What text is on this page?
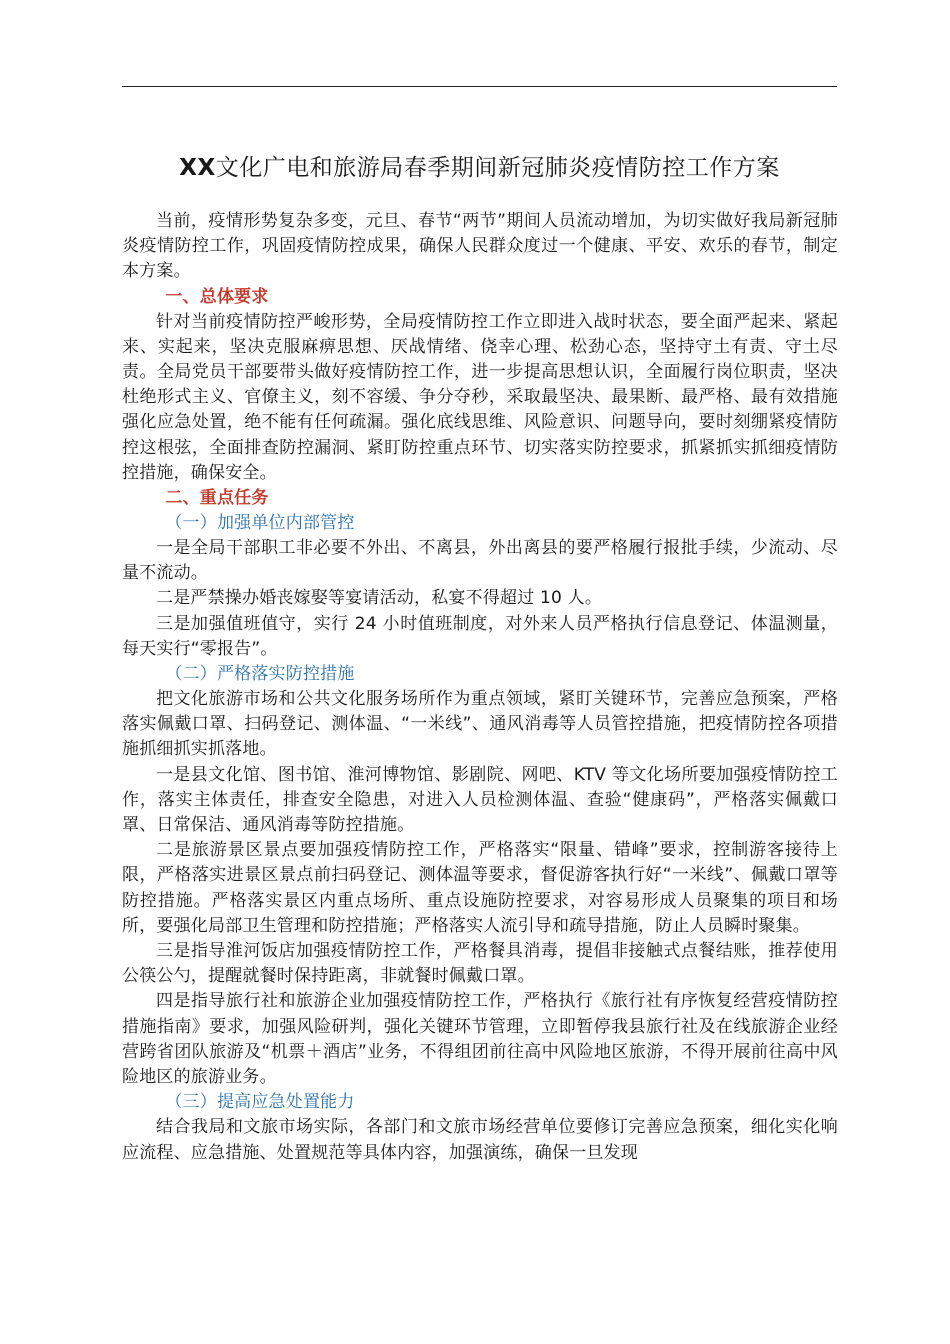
XX文化广电和旅游局春季期间新冠肺炎疫情防控工作方案

当前，疫情形势复杂多变，元旦、春节“两节”期间人员流动增加，为切实做好我局新冠肺炎疫情防控工作，巩固疫情防控成果，确保人民群众度过一个健康、平安、欢乐的春节，制定本方案。

一、总体要求

针对当前疫情防控严峻形势，全局疫情防控工作立即进入战时状态，要全面严起来、紧起来、实起来，坚决克服麻痹思想、厌战情绪、侥幸心理、松劲心态，坚持守土有责、守土尽责。全局党员干部要带头做好疫情防控工作，进一步提高思想认识，全面履行岗位职责，坚决杜绝形式主义、官僚主义，刻不容缓、争分夺秒，采取最坚决、最果断、最严格、最有效措施强化应急处置，绝不能有任何疏漏。强化底线思维、风险意识、问题导向，要时刻绷紧疫情防控这根弦，全面排查防控漏洞、紧盯防控重点环节、切实落实防控要求，抓紧抓实抓细疫情防控措施，确保安全。

二、重点任务
（一）加强单位内部管控

一是全局干部职工非必要不外出、不离县，外出离县的要严格履行报批手续，少流动、尽量不流动。

二是严禁操办婚丧嫁娶等宴请活动，私宴不得超过 10 人。

三是加强值班值守，实行 24 小时值班制度，对外来人员严格执行信息登记、体温测量，每天实行“零报告”。

（二）严格落实防控措施

把文化旅游市场和公共文化服务场所作为重点领域，紧盯关键环节，完善应急预案，严格落实佩戴口罩、扫码登记、测体温、“一米线”、通风消毒等人员管控措施，把疫情防控各项措施抓细抓实抓落地。

一是县文化馆、图书馆、淮河博物馆、影剧院、网吧、KTV 等文化场所要加强疫情防控工作，落实主体责任，排查安全隐患，对进入人员检测体温、查验“健康码”，严格落实佩戴口罩、日常保洁、通风消毒等防控措施。

二是旅游景区景点要加强疫情防控工作，严格落实“限量、错峰”要求，控制游客接待上限，严格落实进景区景点前扫码登记、测体温等要求，督促游客执行好“一米线”、佩戴口罩等防控措施。严格落实景区内重点场所、重点设施防控要求，对容易形成人员聚集的项目和场所，要强化局部卫生管理和防控措施；严格落实人流引导和疏导措施，防止人员瞬时聚集。

三是指导淮河饭店加强疫情防控工作，严格餐具消毒，提倡非接触式点餐结账，推荐使用公筷公勺，提醒就餐时保持距离，非就餐时佩戴口罩。

四是指导旅行社和旅游企业加强疫情防控工作，严格执行《旅行社有序恢复经营疫情防控措施指南》要求，加强风险研判，强化关键环节管理，立即暂停我县旅行社及在线旅游企业经营跨省团队旅游及“机票＋酒店”业务，不得组团前往高中风险地区旅游，不得开展前往高中风险地区的旅游业务。

（三）提高应急处置能力

结合我局和文旅市场实际，各部门和文旅市场经营单位要修订完善应急预案，细化实化响应流程、应急措施、处置规范等具体内容，加强演练，确保一旦发现
